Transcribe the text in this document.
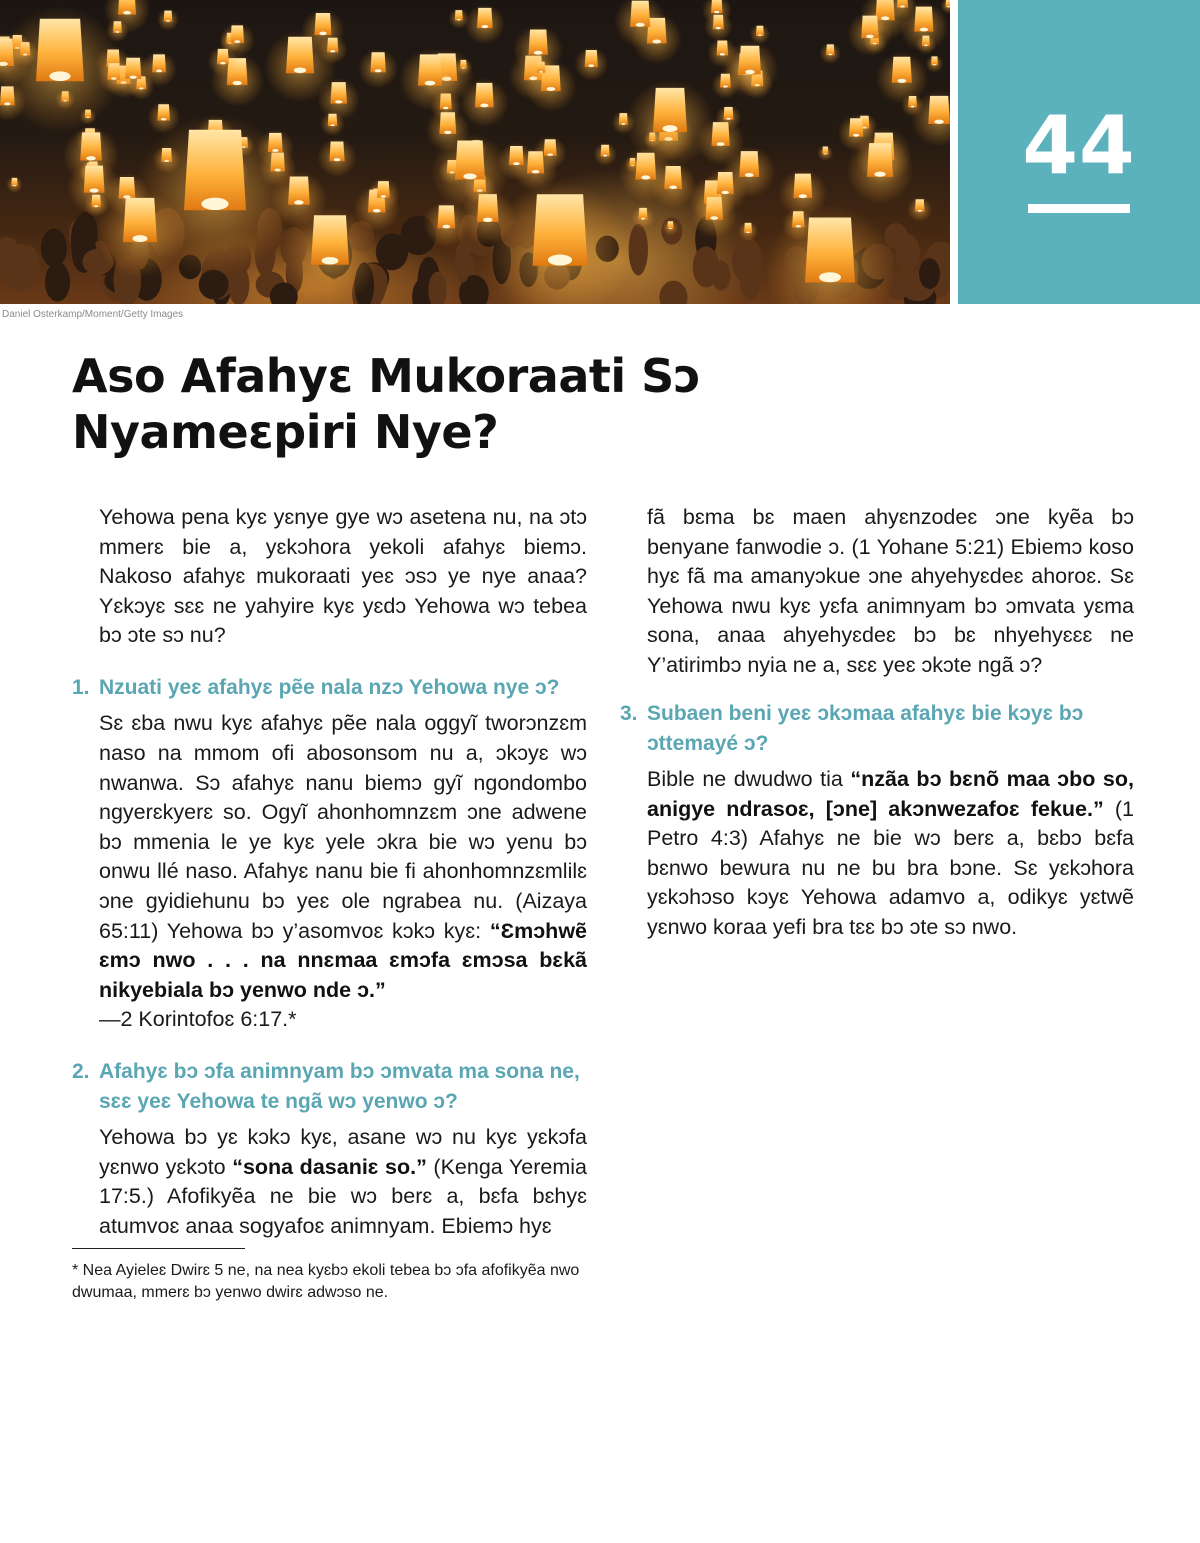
44
Daniel Osterkamp/Moment/Getty Images
Aso Afahyɛ Mukoraati Sɔ
Nyameɛpiri Nye?

Yehowa pena kyɛ yɛnye gye wɔ asetena nu, na ɔtɔ mmerɛ bie a, yɛkɔhora yekoli afahyɛ biemɔ. Nakoso afahyɛ mukoraati yeɛ ɔsɔ ye nye anaa? Yɛkɔyɛ sɛɛ ne yahyire kyɛ yɛdɔ Yehowa wɔ tebea bɔ ɔte sɔ nu?

1. Nzuati yeɛ afahyɛ pẽe nala nzɔ Yehowa nye ɔ?

Sɛ ɛba nwu kyɛ afahyɛ pẽe nala oggyĩ tworɔnzɛm naso na mmom ofi abosonsom nu a, ɔkɔyɛ wɔ nwanwa. Sɔ afahyɛ nanu biemɔ gyĩ ngondombo ngyerɛkyerɛ so. Ogyĩ ahonhomnzɛm ɔne adwene bɔ mmenia le ye kyɛ yele ɔkra bie wɔ yenu bɔ onwu llé naso. Afahyɛ nanu bie fi ahonhomnzɛmlilɛ ɔne gyidiehunu bɔ yeɛ ole ngrabea nu. (Aizaya 65:11) Yehowa bɔ y’asomvoɛ kɔkɔ kyɛ: “Ɛmɔhwẽ ɛmɔ nwo . . . na nnɛmaa ɛmɔfa ɛmɔsa bɛkã nikyebiala bɔ yenwo nde ɔ.”
—2 Korintofoɛ 6:17.*

2. Afahyɛ bɔ ɔfa animnyam bɔ ɔmvata ma sona ne, sɛɛ yeɛ Yehowa te ngã wɔ yenwo ɔ?

Yehowa bɔ yɛ kɔkɔ kyɛ, asane wɔ nu kyɛ yɛkɔfa yɛnwo yɛkɔto “sona dasaniɛ so.” (Kenga Yeremia 17:5.) Afofikyẽa ne bie wɔ berɛ a, bɛfa bɛhyɛ atumvoɛ anaa sogyafoɛ animnyam. Ebiemɔ hyɛ

fã bɛma bɛ maen ahyɛnzodeɛ ɔne kyẽa bɔ benyane fanwodie ɔ. (1 Yohane 5:21) Ebiemɔ koso hyɛ fã ma amanyɔkue ɔne ahyehyɛdeɛ ahoroɛ. Sɛ Yehowa nwu kyɛ yɛfa animnyam bɔ ɔmvata yɛma sona, anaa ahyehyɛdeɛ bɔ bɛ nhyehyɛɛɛ ne Y’atirimbɔ nyia ne a, sɛɛ yeɛ ɔkɔte ngã ɔ?

3. Subaen beni yeɛ ɔkɔmaa afahyɛ bie kɔyɛ bɔ ɔttemayé ɔ?

Bible ne dwudwo tia “nzãa bɔ bɛnõ maa ɔbo so, anigye ndrasoɛ, [ɔne] akɔnwezafoɛ fekue.” (1 Petro 4:3) Afahyɛ ne bie wɔ berɛ a, bɛbɔ bɛfa bɛnwo bewura nu ne bu bra bɔne. Sɛ yɛkɔhora yɛkɔhɔso kɔyɛ Yehowa adamvo a, odikyɛ yɛtwẽ yɛnwo koraa yefi bra tɛɛ bɔ ɔte sɔ nwo.

* Nea Ayieleɛ Dwirɛ 5 ne, na nea kyɛbɔ ekoli tebea bɔ ɔfa afofikyẽa nwo dwumaa, mmerɛ bɔ yenwo dwirɛ adwɔso ne.
